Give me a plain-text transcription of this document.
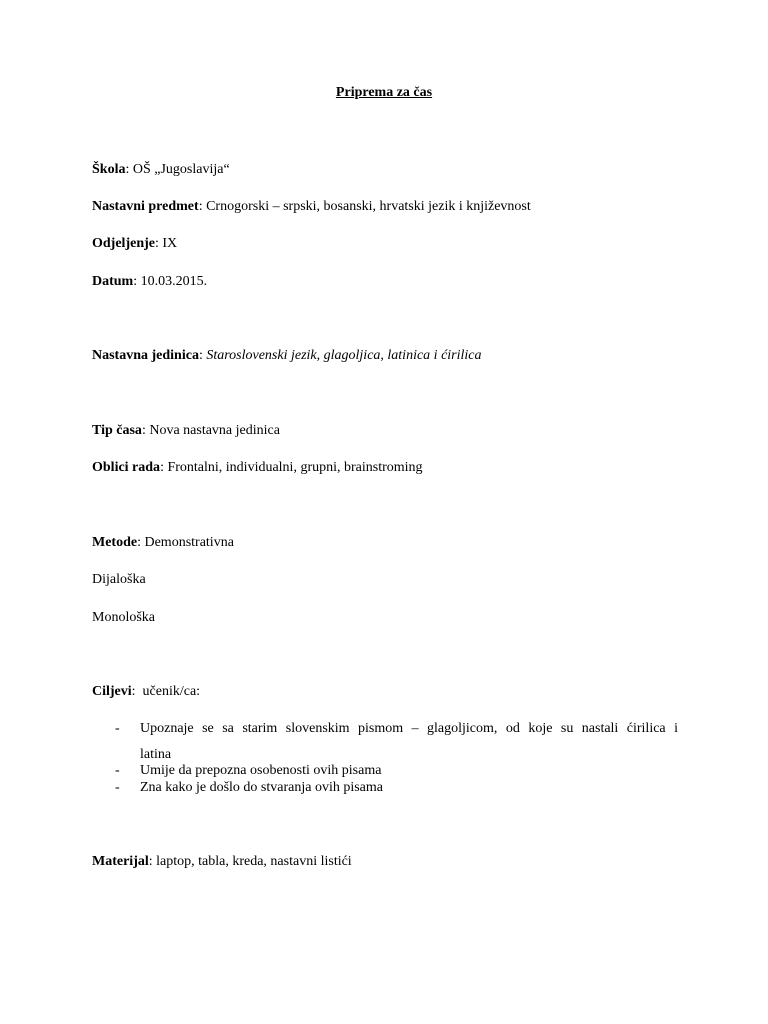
Priprema za čas
Škola: OŠ „Jugoslavija“
Nastavni predmet: Crnogorski – srpski, bosanski, hrvatski jezik i književnost
Odjeljenje: IX
Datum: 10.03.2015.
Nastavna jedinica: Staroslovenski jezik, glagoljica, latinica i ćirilica
Tip časa: Nova nastavna jedinica
Oblici rada: Frontalni, individualni, grupni, brainstroming
Metode: Demonstrativna
Dijaloška
Monološka
Ciljevi:  učenik/ca:
- Upoznaje se sa starim slovenskim pismom – glagoljicom, od koje su nastali ćirilica i
latina
- Umije da prepozna osobenosti ovih pisama
- Zna kako je došlo do stvaranja ovih pisama
Materijal: laptop, tabla, kreda, nastavni listići
